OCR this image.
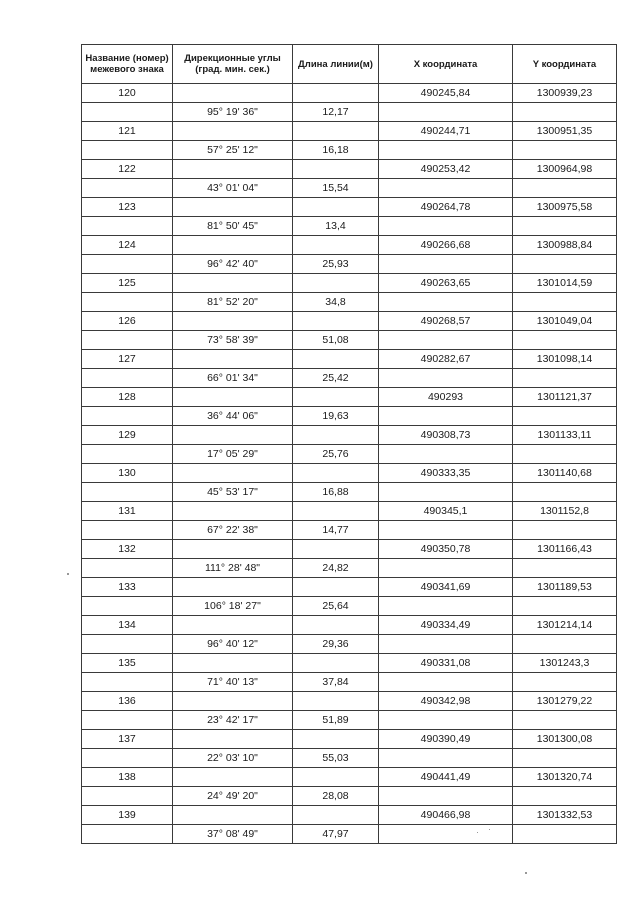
Название (номер) межевого знака	Дирекционные углы (град. мин. сек.)	Длина линии(м)	X координата	Y координата
120			490245,84	1300939,23
	95° 19' 36"	12,17		
121			490244,71	1300951,35
	57° 25' 12"	16,18		
122			490253,42	1300964,98
	43° 01' 04"	15,54		
123			490264,78	1300975,58
	81° 50' 45"	13,4		
124			490266,68	1300988,84
	96° 42' 40"	25,93		
125			490263,65	1301014,59
	81° 52' 20"	34,8		
126			490268,57	1301049,04
	73° 58' 39"	51,08		
127			490282,67	1301098,14
	66° 01' 34"	25,42		
128			490293	1301121,37
	36° 44' 06"	19,63		
129			490308,73	1301133,11
	17° 05' 29"	25,76		
130			490333,35	1301140,68
	45° 53' 17"	16,88		
131			490345,1	1301152,8
	67° 22' 38"	14,77		
132			490350,78	1301166,43
	111° 28' 48"	24,82		
133			490341,69	1301189,53
	106° 18' 27"	25,64		
134			490334,49	1301214,14
	96° 40' 12"	29,36		
135			490331,08	1301243,3
	71° 40' 13"	37,84		
136			490342,98	1301279,22
	23° 42' 17"	51,89		
137			490390,49	1301300,08
	22° 03' 10"	55,03		
138			490441,49	1301320,74
	24° 49' 20"	28,08		
139			490466,98	1301332,53
	37° 08' 49"	47,97		
